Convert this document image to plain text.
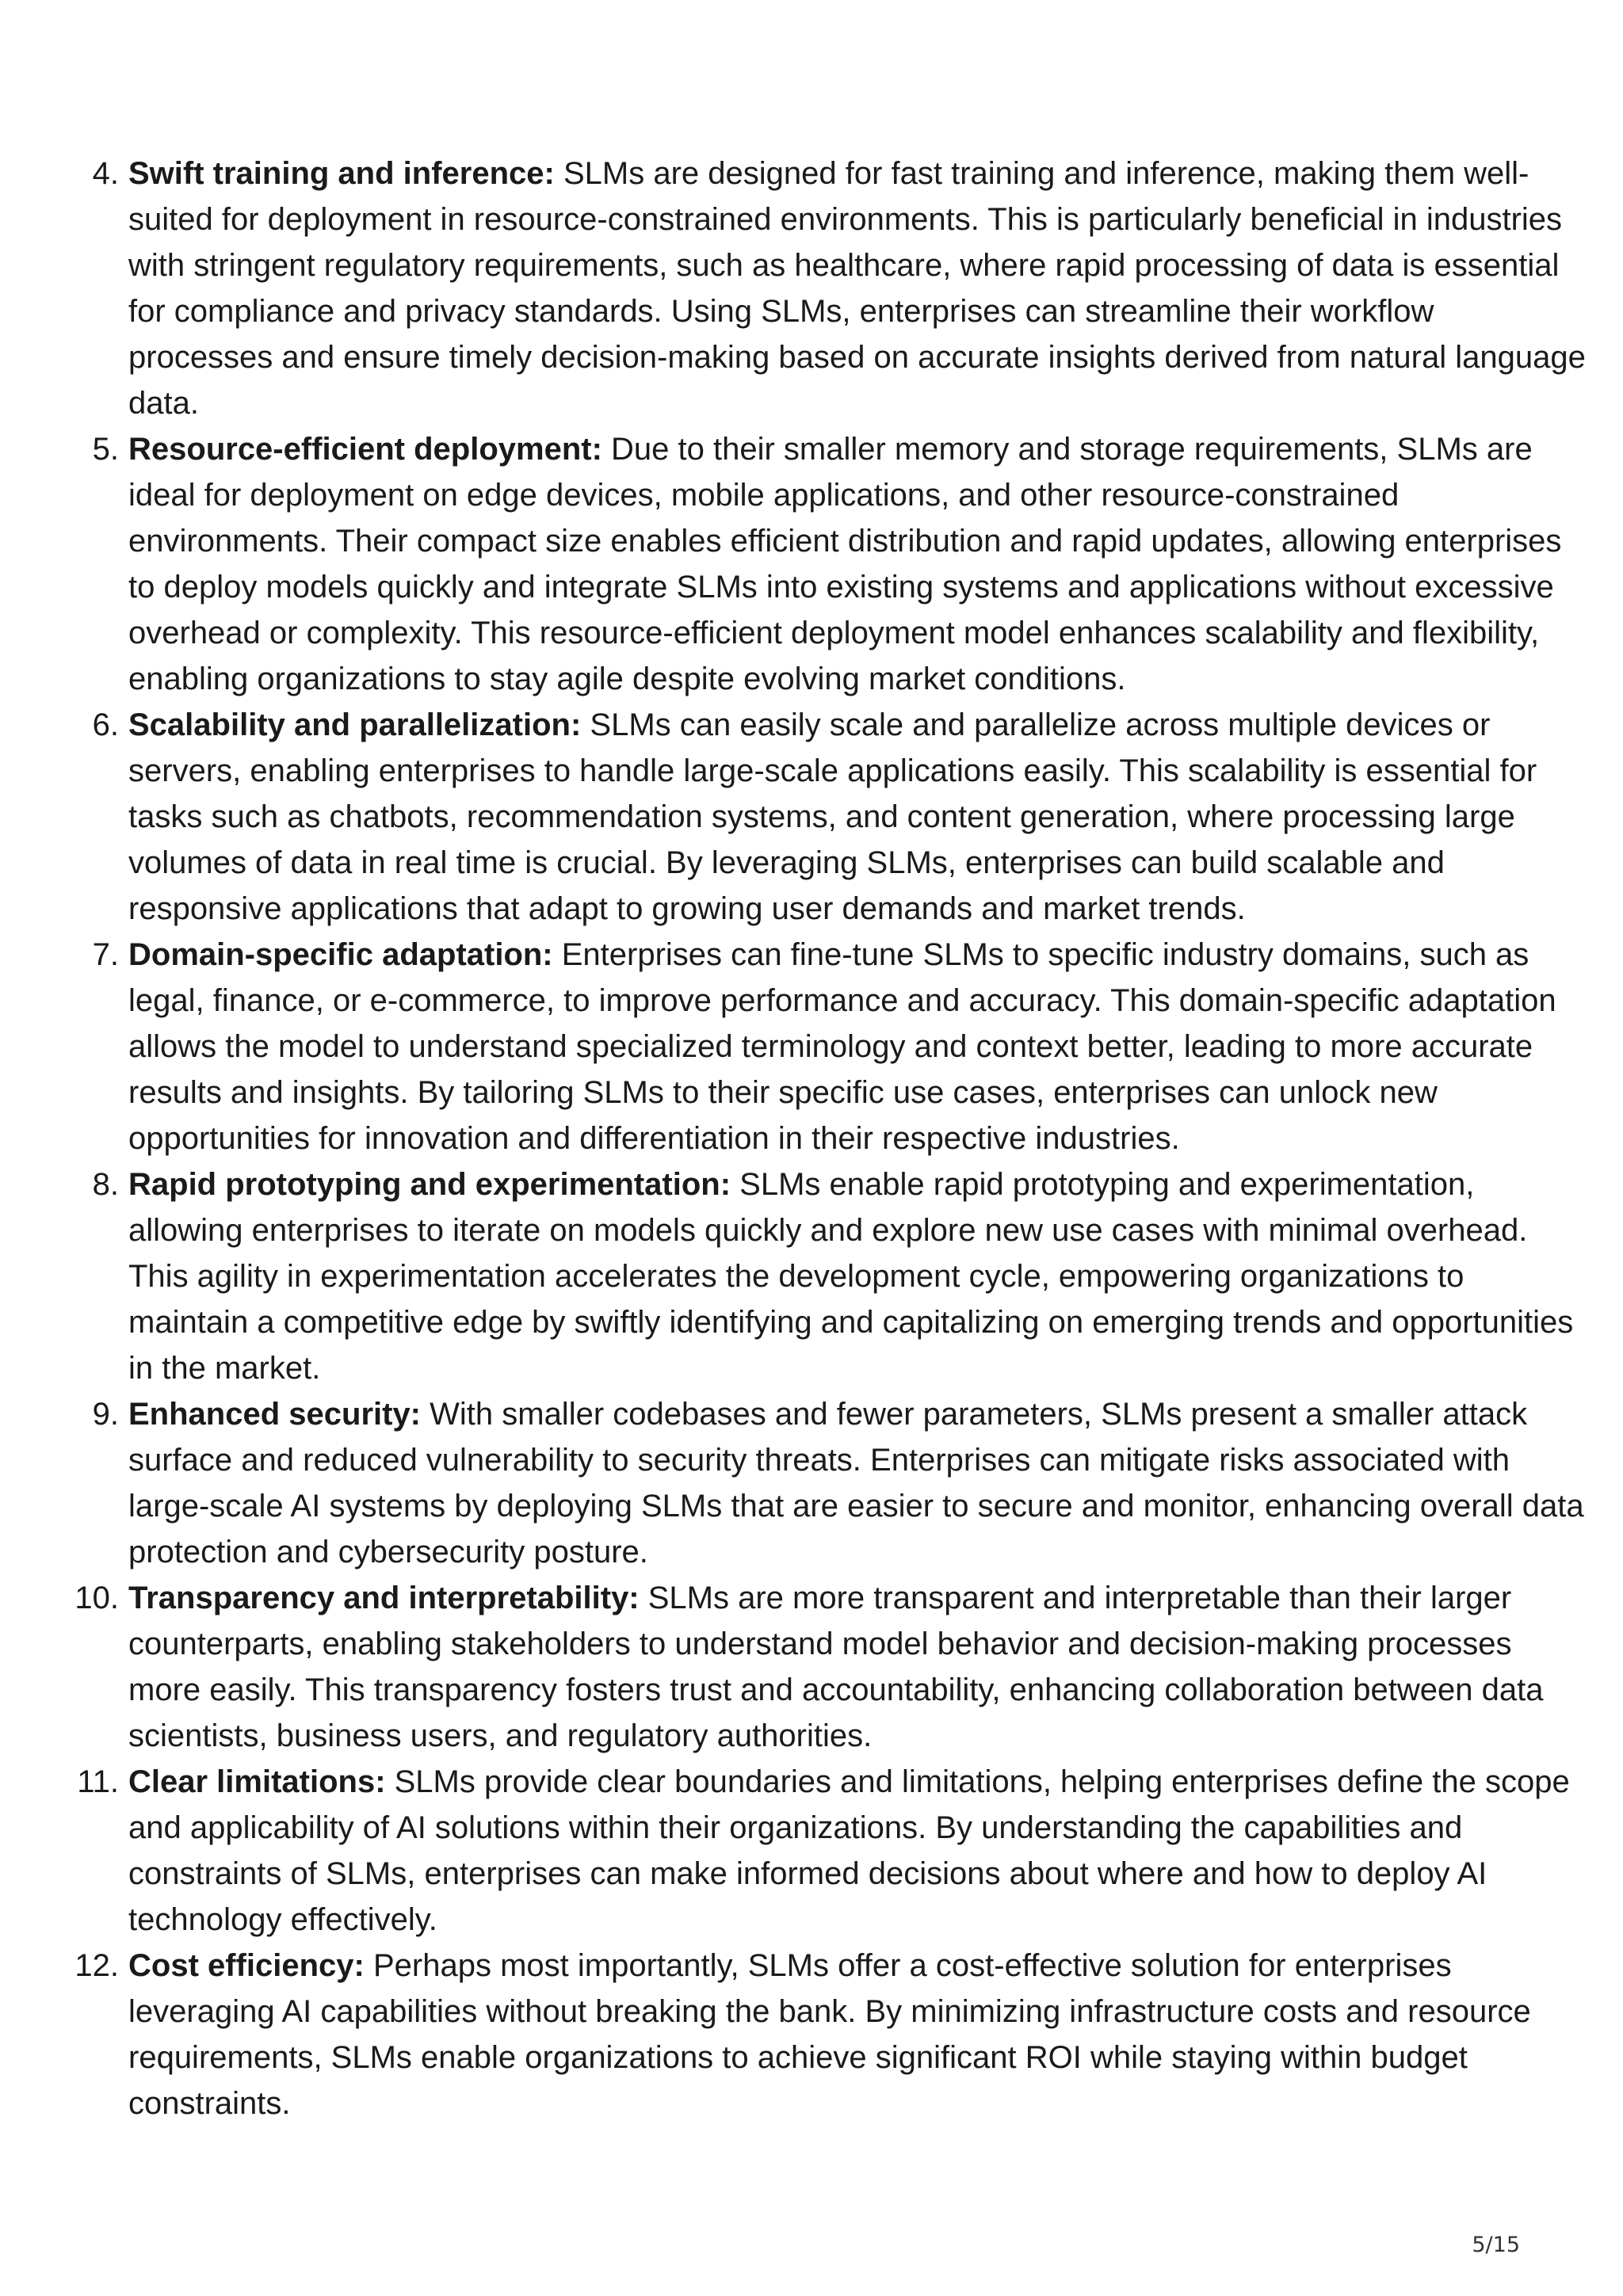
4. Swift training and inference: SLMs are designed for fast training and inference, making them well-suited for deployment in resource-constrained environments. This is particularly beneficial in industries with stringent regulatory requirements, such as healthcare, where rapid processing of data is essential for compliance and privacy standards. Using SLMs, enterprises can streamline their workflow processes and ensure timely decision-making based on accurate insights derived from natural language data.
5. Resource-efficient deployment: Due to their smaller memory and storage requirements, SLMs are ideal for deployment on edge devices, mobile applications, and other resource-constrained environments. Their compact size enables efficient distribution and rapid updates, allowing enterprises to deploy models quickly and integrate SLMs into existing systems and applications without excessive overhead or complexity. This resource-efficient deployment model enhances scalability and flexibility, enabling organizations to stay agile despite evolving market conditions.
6. Scalability and parallelization: SLMs can easily scale and parallelize across multiple devices or servers, enabling enterprises to handle large-scale applications easily. This scalability is essential for tasks such as chatbots, recommendation systems, and content generation, where processing large volumes of data in real time is crucial. By leveraging SLMs, enterprises can build scalable and responsive applications that adapt to growing user demands and market trends.
7. Domain-specific adaptation: Enterprises can fine-tune SLMs to specific industry domains, such as legal, finance, or e-commerce, to improve performance and accuracy. This domain-specific adaptation allows the model to understand specialized terminology and context better, leading to more accurate results and insights. By tailoring SLMs to their specific use cases, enterprises can unlock new opportunities for innovation and differentiation in their respective industries.
8. Rapid prototyping and experimentation: SLMs enable rapid prototyping and experimentation, allowing enterprises to iterate on models quickly and explore new use cases with minimal overhead. This agility in experimentation accelerates the development cycle, empowering organizations to maintain a competitive edge by swiftly identifying and capitalizing on emerging trends and opportunities in the market.
9. Enhanced security: With smaller codebases and fewer parameters, SLMs present a smaller attack surface and reduced vulnerability to security threats. Enterprises can mitigate risks associated with large-scale AI systems by deploying SLMs that are easier to secure and monitor, enhancing overall data protection and cybersecurity posture.
10. Transparency and interpretability: SLMs are more transparent and interpretable than their larger counterparts, enabling stakeholders to understand model behavior and decision-making processes more easily. This transparency fosters trust and accountability, enhancing collaboration between data scientists, business users, and regulatory authorities.
11. Clear limitations: SLMs provide clear boundaries and limitations, helping enterprises define the scope and applicability of AI solutions within their organizations. By understanding the capabilities and constraints of SLMs, enterprises can make informed decisions about where and how to deploy AI technology effectively.
12. Cost efficiency: Perhaps most importantly, SLMs offer a cost-effective solution for enterprises leveraging AI capabilities without breaking the bank. By minimizing infrastructure costs and resource requirements, SLMs enable organizations to achieve significant ROI while staying within budget constraints.
5/15
